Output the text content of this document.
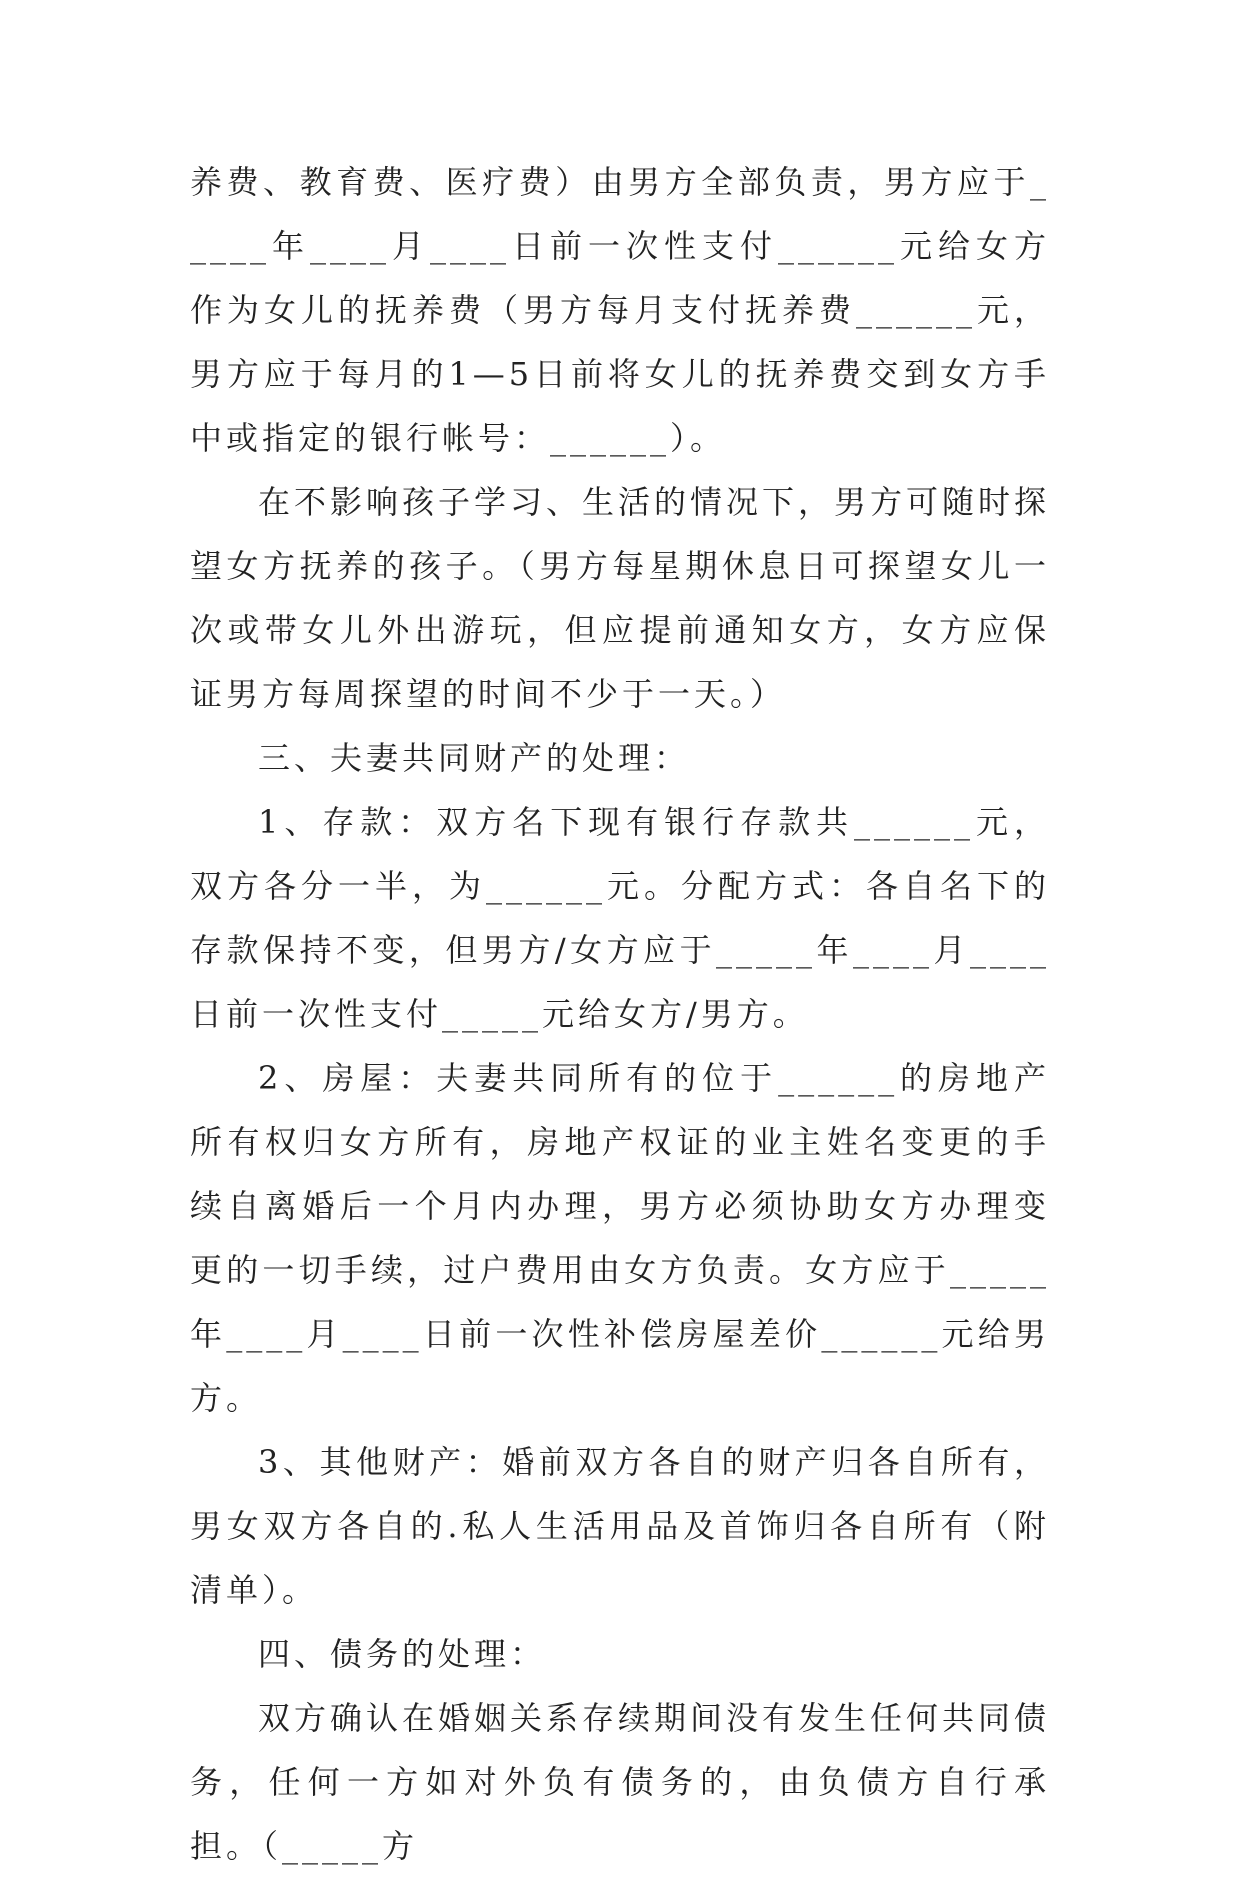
养费、教育费、医疗费）由男方全部负责，男方应于_____年____月____日前一次性支付______元给女方作为女儿的抚养费（男方每月支付抚养费______元，男方应于每月的1—5日前将女儿的抚养费交到女方手中或指定的银行帐号：______）。

在不影响孩子学习、生活的情况下，男方可随时探望女方抚养的孩子。（男方每星期休息日可探望女儿一次或带女儿外出游玩，但应提前通知女方，女方应保证男方每周探望的时间不少于一天。）

三、夫妻共同财产的处理：

1、存款：双方名下现有银行存款共______元，双方各分一半，为______元。分配方式：各自名下的存款保持不变，但男方/女方应于_____年____月____日前一次性支付_____元给女方/男方。

2、房屋：夫妻共同所有的位于______的房地产所有权归女方所有，房地产权证的业主姓名变更的手续自离婚后一个月内办理，男方必须协助女方办理变更的一切手续，过户费用由女方负责。女方应于_____年____月____日前一次性补偿房屋差价______元给男方。

3、其他财产：婚前双方各自的财产归各自所有，男女双方各自的.私人生活用品及首饰归各自所有（附清单）。

四、债务的处理：

双方确认在婚姻关系存续期间没有发生任何共同债务，任何一方如对外负有债务的，由负债方自行承担。（_____方
